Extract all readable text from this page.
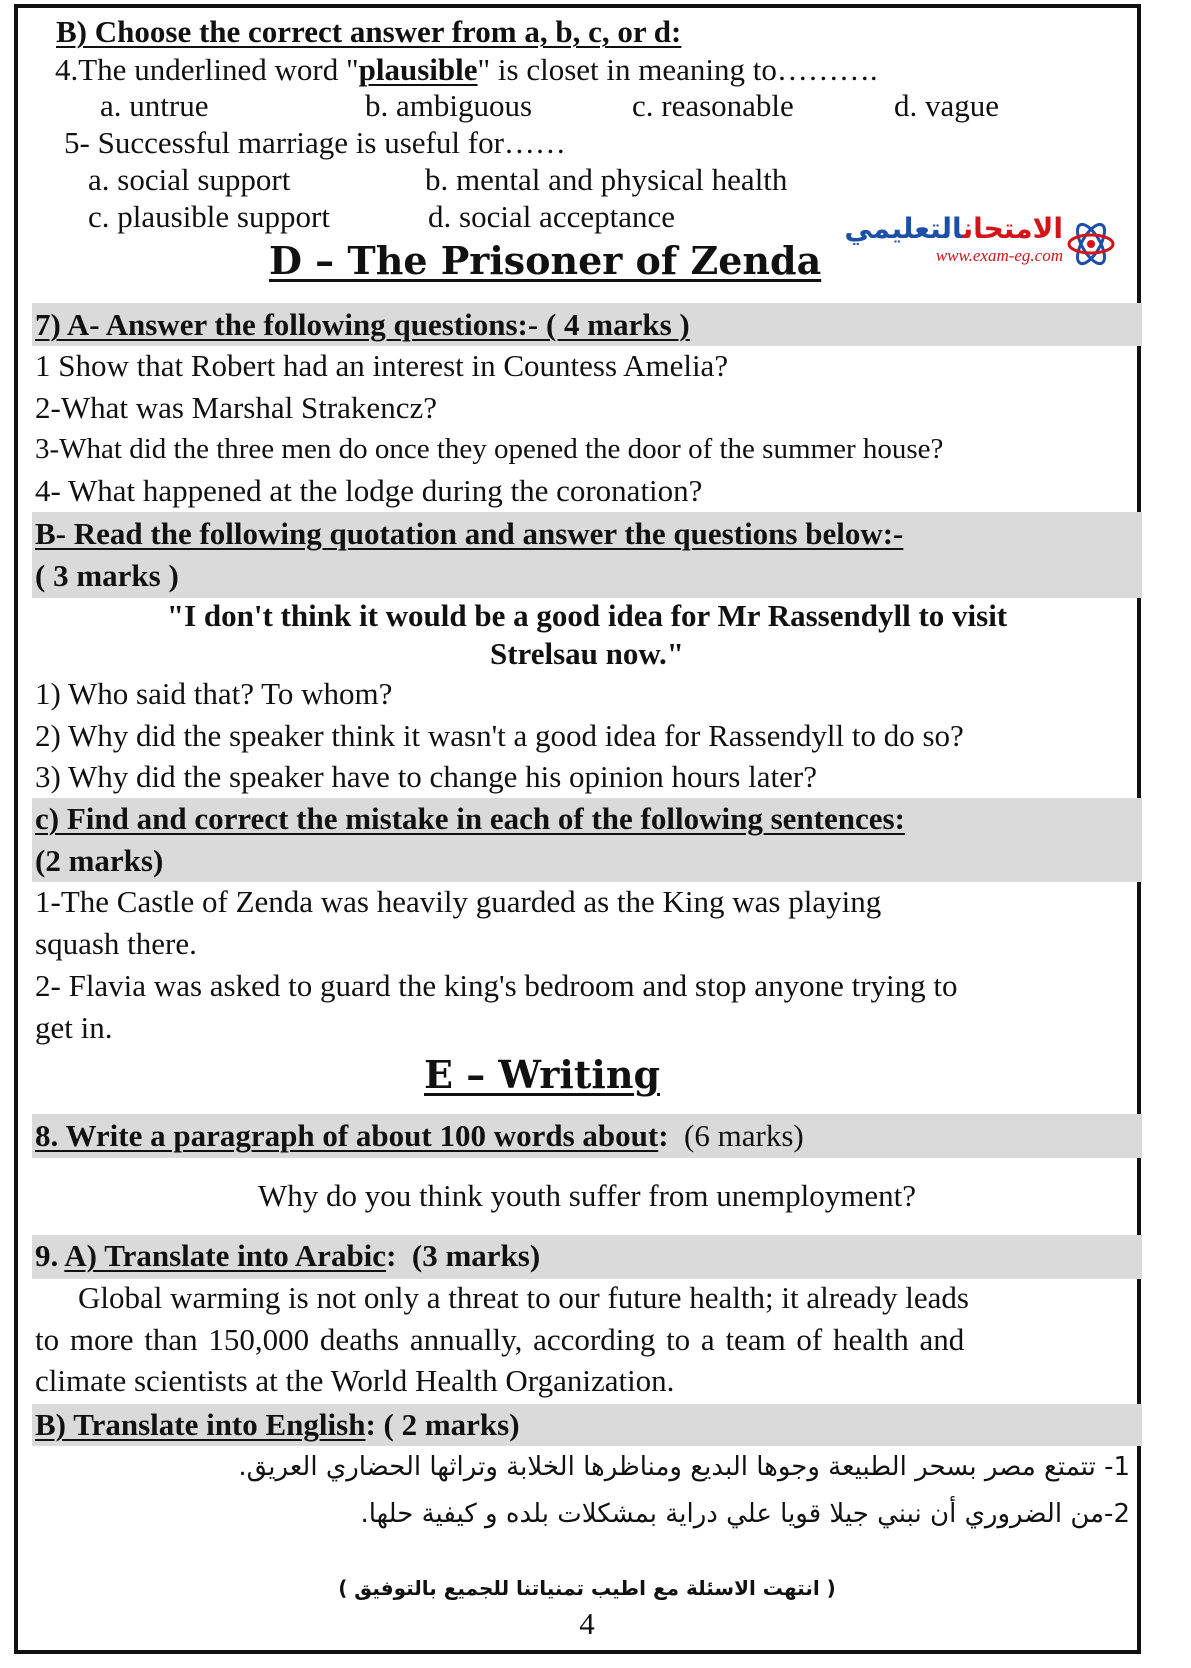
B) Choose the correct answer from a, b, c, or d:
4.The underlined word "plausible" is closet in meaning to……….
a. untrue	b. ambiguous	c. reasonable	d. vague
5- Successful marriage is useful for……
a. social support	b. mental and physical health
c. plausible support	d. social acceptance	الامتحانالتعليمي
www.exam-eg.com
D – The Prisoner of Zenda
7) A- Answer the following questions:- ( 4 marks )
1 Show that Robert had an interest in Countess Amelia?
2-What was Marshal Strakencz?
3-What did the three men do once they opened the door of the summer house?
4- What happened at the lodge during the coronation?
B- Read the following quotation and answer the questions below:-
( 3 marks )
"I don't think it would be a good idea for Mr Rassendyll to visit
Strelsau now."
1) Who said that? To whom?
2) Why did the speaker think it wasn't a good idea for Rassendyll to do so?
3) Why did the speaker have to change his opinion hours later?
c) Find and correct the mistake in each of the following sentences:
(2 marks)
1-The Castle of Zenda was heavily guarded as the King was playing
squash there.
2- Flavia was asked to guard the king's bedroom and stop anyone trying to
get in.
E – Writing
8. Write a paragraph of about 100 words about: (6 marks)
Why do you think youth suffer from unemployment?
9. A) Translate into Arabic: (3 marks)
Global warming is not only a threat to our future health; it already leads
to more than 150,000 deaths annually, according to a team of health and
climate scientists at the World Health Organization.
B) Translate into English: ( 2 marks)
1- تتمتع مصر بسحر الطبيعة وجوها البديع ومناظرها الخلابة وتراثها الحضاري العريق.
2-من الضروري أن نبني جيلا قويا علي دراية بمشكلات بلده و كيفية حلها.
( انتهت الاسئلة مع اطيب تمنياتنا للجميع بالتوفيق )
4
